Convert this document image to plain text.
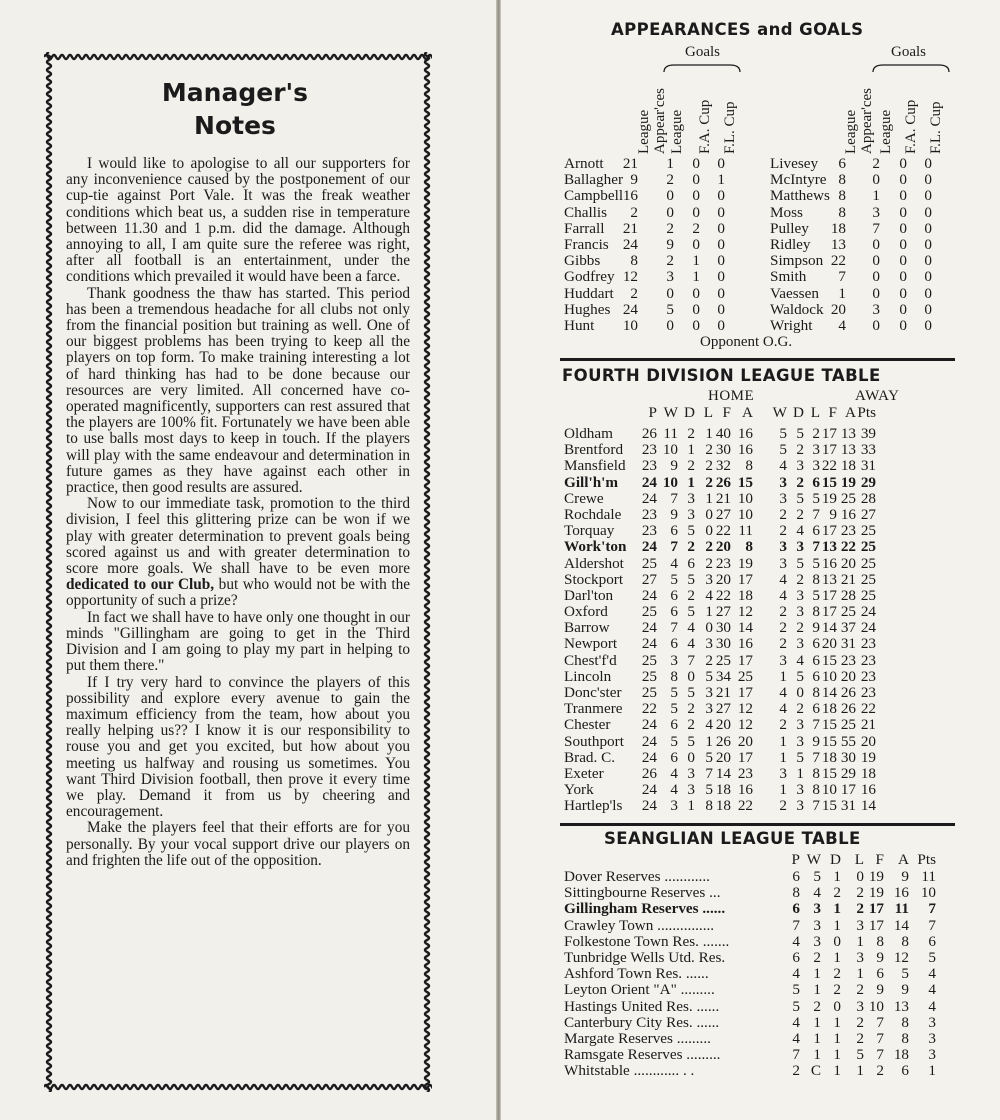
Manager's
Notes

I would like to apologise to all our supporters for any inconvenience caused by the postponement of our cup-tie against Port Vale. It was the freak weather conditions which beat us, a sudden rise in temperature between 11.30 and 1 p.m. did the damage. Although annoying to all, I am quite sure the referee was right, after all football is an entertainment, under the conditions which prevailed it would have been a farce.

Thank goodness the thaw has started. This period has been a tremendous headache for all clubs not only from the financial position but training as well. One of our biggest problems has been trying to keep all the players on top form. To make training interesting a lot of hard thinking has had to be done because our resources are very limited. All concerned have co-operated magnificently, supporters can rest assured that the players are 100% fit. Fortunately we have been able to use balls most days to keep in touch. If the players will play with the same endeavour and determination in future games as they have against each other in practice, then good results are assured.

Now to our immediate task, promotion to the third division, I feel this glittering prize can be won if we play with greater determination to prevent goals being scored against us and with greater determination to score more goals. We shall have to be even more dedicated to our Club, but who would not be with the opportunity of such a prize?

In fact we shall have to have only one thought in our minds "Gillingham are going to get in the Third Division and I am going to play my part in helping to put them there."

If I try very hard to convince the players of this possibility and explore every avenue to gain the maximum efficiency from the team, how about you really helping us?? I know it is our responsibility to rouse you and get you excited, but how about you meeting us halfway and rousing us sometimes. You want Third Division football, then prove it every time we play. Demand it from us by cheering and encouragement.

Make the players feel that their efforts are for you personally. By your vocal support drive our players on and frighten the life out of the opposition.

APPEARANCES and GOALS
Goals	Goals
League Appear'ces League F.A. Cup F.L. Cup	League Appear'ces League F.A. Cup F.L. Cup
Arnott	21	1	0	0	Livesey	6	2	0	0
Ballagher 9	2	0	1	McIntyre 8	0	0	0
Campbell 16	0	0	0	Matthews 8	1	0	0
Challis	2	0	0	0	Moss	8	3	0	0
Farrall	21	2	2	0	Pulley	18	7	0	0
Francis 24	9	0	0	Ridley	13	0	0	0
Gibbs	8	2	1	0	Simpson 22	0	0	0
Godfrey 12	3	1	0	Smith	7	0	0	0
Huddart	2	0	0	0	Vaessen	1	0	0	0
Hughes 24	5	0	0	Waldock 20	3	0	0
Hunt	10	0	0	0	Wright	4	0	0	0
Opponent O.G.
FOURTH DIVISION LEAGUE TABLE
HOME	AWAY
P W D L F A	W D L F A Pts
Oldham	26 11 2 1 40 16	5 5 2 17 13 39
Brentford	23 10 1 2 30 16	5 2 3 17 13 33
Mansfield	23 9 2 2 32 8	4 3 3 22 18 31
Gill'h'm	24 10 1 2 26 15	3 2 6 15 19 29
Crewe	24 7 3 1 21 10	3 5 5 19 25 28
Rochdale	23 9 3 0 27 10	2 2 7 9 16 27
Torquay	23 6 5 0 22 11	2 4 6 17 23 25
Work'ton	24 7 2 2 20 8	3 3 7 13 22 25
Aldershot	25 4 6 2 23 19	3 5 5 16 20 25
Stockport	27 5 5 3 20 17	4 2 8 13 21 25
Darl'ton	24 6 2 4 22 18	4 3 5 17 28 25
Oxford	25 6 5 1 27 12	2 3 8 17 25 24
Barrow	24 7 4 0 30 14	2 2 9 14 37 24
Newport	24 6 4 3 30 16	2 3 6 20 31 23
Chest'f'd	25 3 7 2 25 17	3 4 6 15 23 23
Lincoln	25 8 0 5 34 25	1 5 6 10 20 23
Donc'ster	25 5 5 3 21 17	4 0 8 14 26 23
Tranmere	22 5 2 3 27 12	4 2 6 18 26 22
Chester	24 6 2 4 20 12	2 3 7 15 25 21
Southport	24 5 5 1 26 20	1 3 9 15 55 20
Brad. C.	24 6 0 5 20 17	1 5 7 18 30 19
Exeter	26 4 3 7 14 23	3 1 8 15 29 18
York	24 4 3 5 18 16	1 3 8 10 17 16
Hartlep'ls	24 3 1 8 18 22	2 3 7 15 31 14
SEANGLIAN LEAGUE TABLE
P W D L F A Pts
Dover Reserves ............	6 5 1	0 19	9 11
Sittingbourne Reserves ...	8 4 2	2 19 16 10
Gillingham Reserves ......	6 3 1	2 17 11	7
Crawley Town ...............	7 3 1	3 17 14	7
Folkestone Town Res. .......	4 3 0	1 8	8	6
Tunbridge Wells Utd. Res.	6 2 1	3 9 12	5
Ashford Town Res. ......	4 1 2	1 6	5	4
Leyton Orient "A" .........	5 1 2	2 9	9	4
Hastings United Res. ......	5 2 0	3 10 13	4
Canterbury City Res. ......	4 1 1	2 7	8	3
Margate Reserves .........	4 1 1	2 7	8	3
Ramsgate Reserves .........	7 1 1	5 7 18	3
Whitstable ............ . .	2 C 1	1 2	6	1
